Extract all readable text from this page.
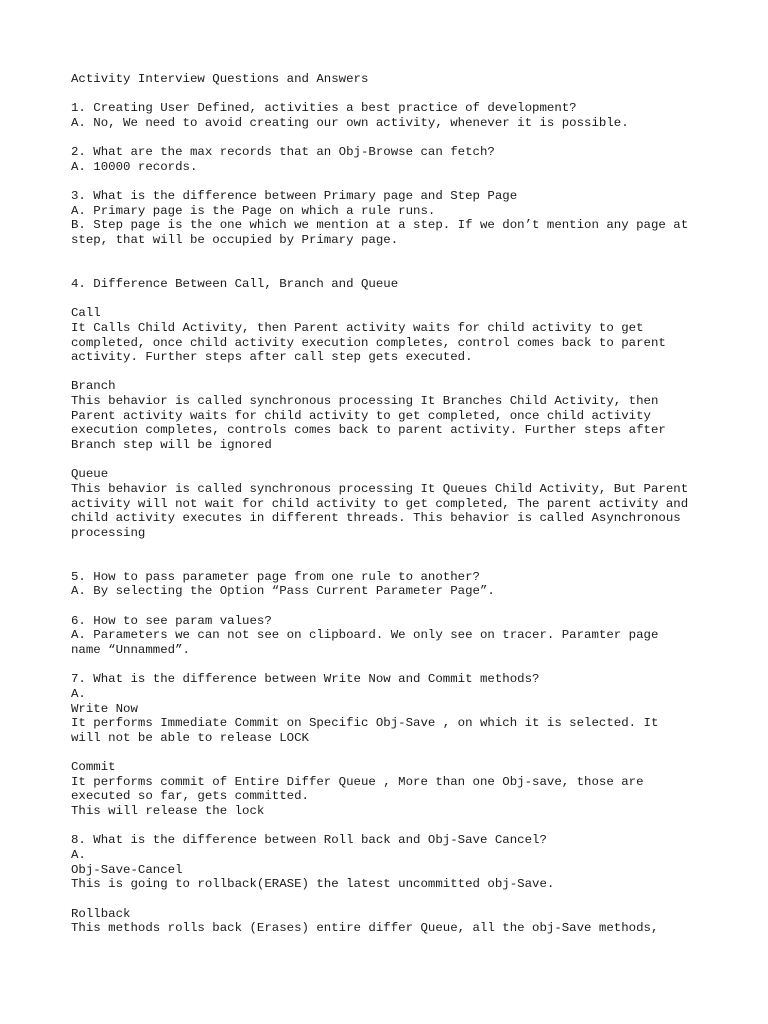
Activity Interview Questions and Answers
1. Creating User Defined, activities a best practice of development?
A. No, We need to avoid creating our own activity, whenever it is possible.
2. What are the max records that an Obj-Browse can fetch?
A. 10000 records.
3. What is the difference between Primary page and Step Page
A. Primary page is the Page on which a rule runs.
B. Step page is the one which we mention at a step. If we don’t mention any page at
step, that will be occupied by Primary page.
4. Difference Between Call, Branch and Queue
Call
It Calls Child Activity, then Parent activity waits for child activity to get
completed, once child activity execution completes, control comes back to parent
activity. Further steps after call step gets executed.
Branch
This behavior is called synchronous processing It Branches Child Activity, then
Parent activity waits for child activity to get completed, once child activity
execution completes, controls comes back to parent activity. Further steps after
Branch step will be ignored
Queue
This behavior is called synchronous processing It Queues Child Activity, But Parent
activity will not wait for child activity to get completed, The parent activity and
child activity executes in different threads. This behavior is called Asynchronous
processing
5. How to pass parameter page from one rule to another?
A. By selecting the Option “Pass Current Parameter Page”.
6. How to see param values?
A. Parameters we can not see on clipboard. We only see on tracer. Paramter page
name “Unnammed”.
7. What is the difference between Write Now and Commit methods?
A.
Write Now
It performs Immediate Commit on Specific Obj-Save , on which it is selected. It
will not be able to release LOCK
Commit
It performs commit of Entire Differ Queue , More than one Obj-save, those are
executed so far, gets committed.
This will release the lock
8. What is the difference between Roll back and Obj-Save Cancel?
A.
Obj-Save-Cancel
This is going to rollback(ERASE) the latest uncommitted obj-Save.
Rollback
This methods rolls back (Erases) entire differ Queue, all the obj-Save methods,
